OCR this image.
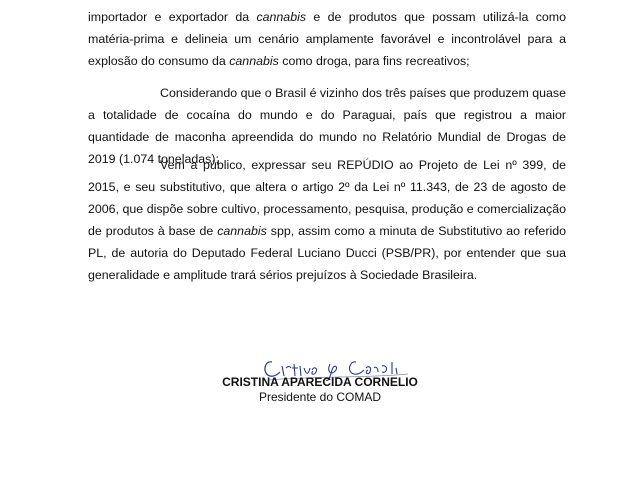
importador e exportador da cannabis e de produtos que possam utilizá-la como matéria-prima e delineia um cenário amplamente favorável e incontrolável para a explosão do consumo da cannabis como droga, para fins recreativos;

Considerando que o Brasil é vizinho dos três países que produzem quase a totalidade de cocaína do mundo e do Paraguai, país que registrou a maior quantidade de maconha apreendida do mundo no Relatório Mundial de Drogas de 2019 (1.074 toneladas);

Vem a público, expressar seu REPÚDIO ao Projeto de Lei nº 399, de 2015, e seu substitutivo, que altera o artigo 2º da Lei nº 11.343, de 23 de agosto de 2006, que dispõe sobre cultivo, processamento, pesquisa, produção e comercialização de produtos à base de cannabis spp, assim como a minuta de Substitutivo ao referido PL, de autoria do Deputado Federal Luciano Ducci (PSB/PR), por entender que sua generalidade e amplitude trará sérios prejuízos à Sociedade Brasileira.

CRISTINA APARECIDA CORNELIO
Presidente do COMAD
